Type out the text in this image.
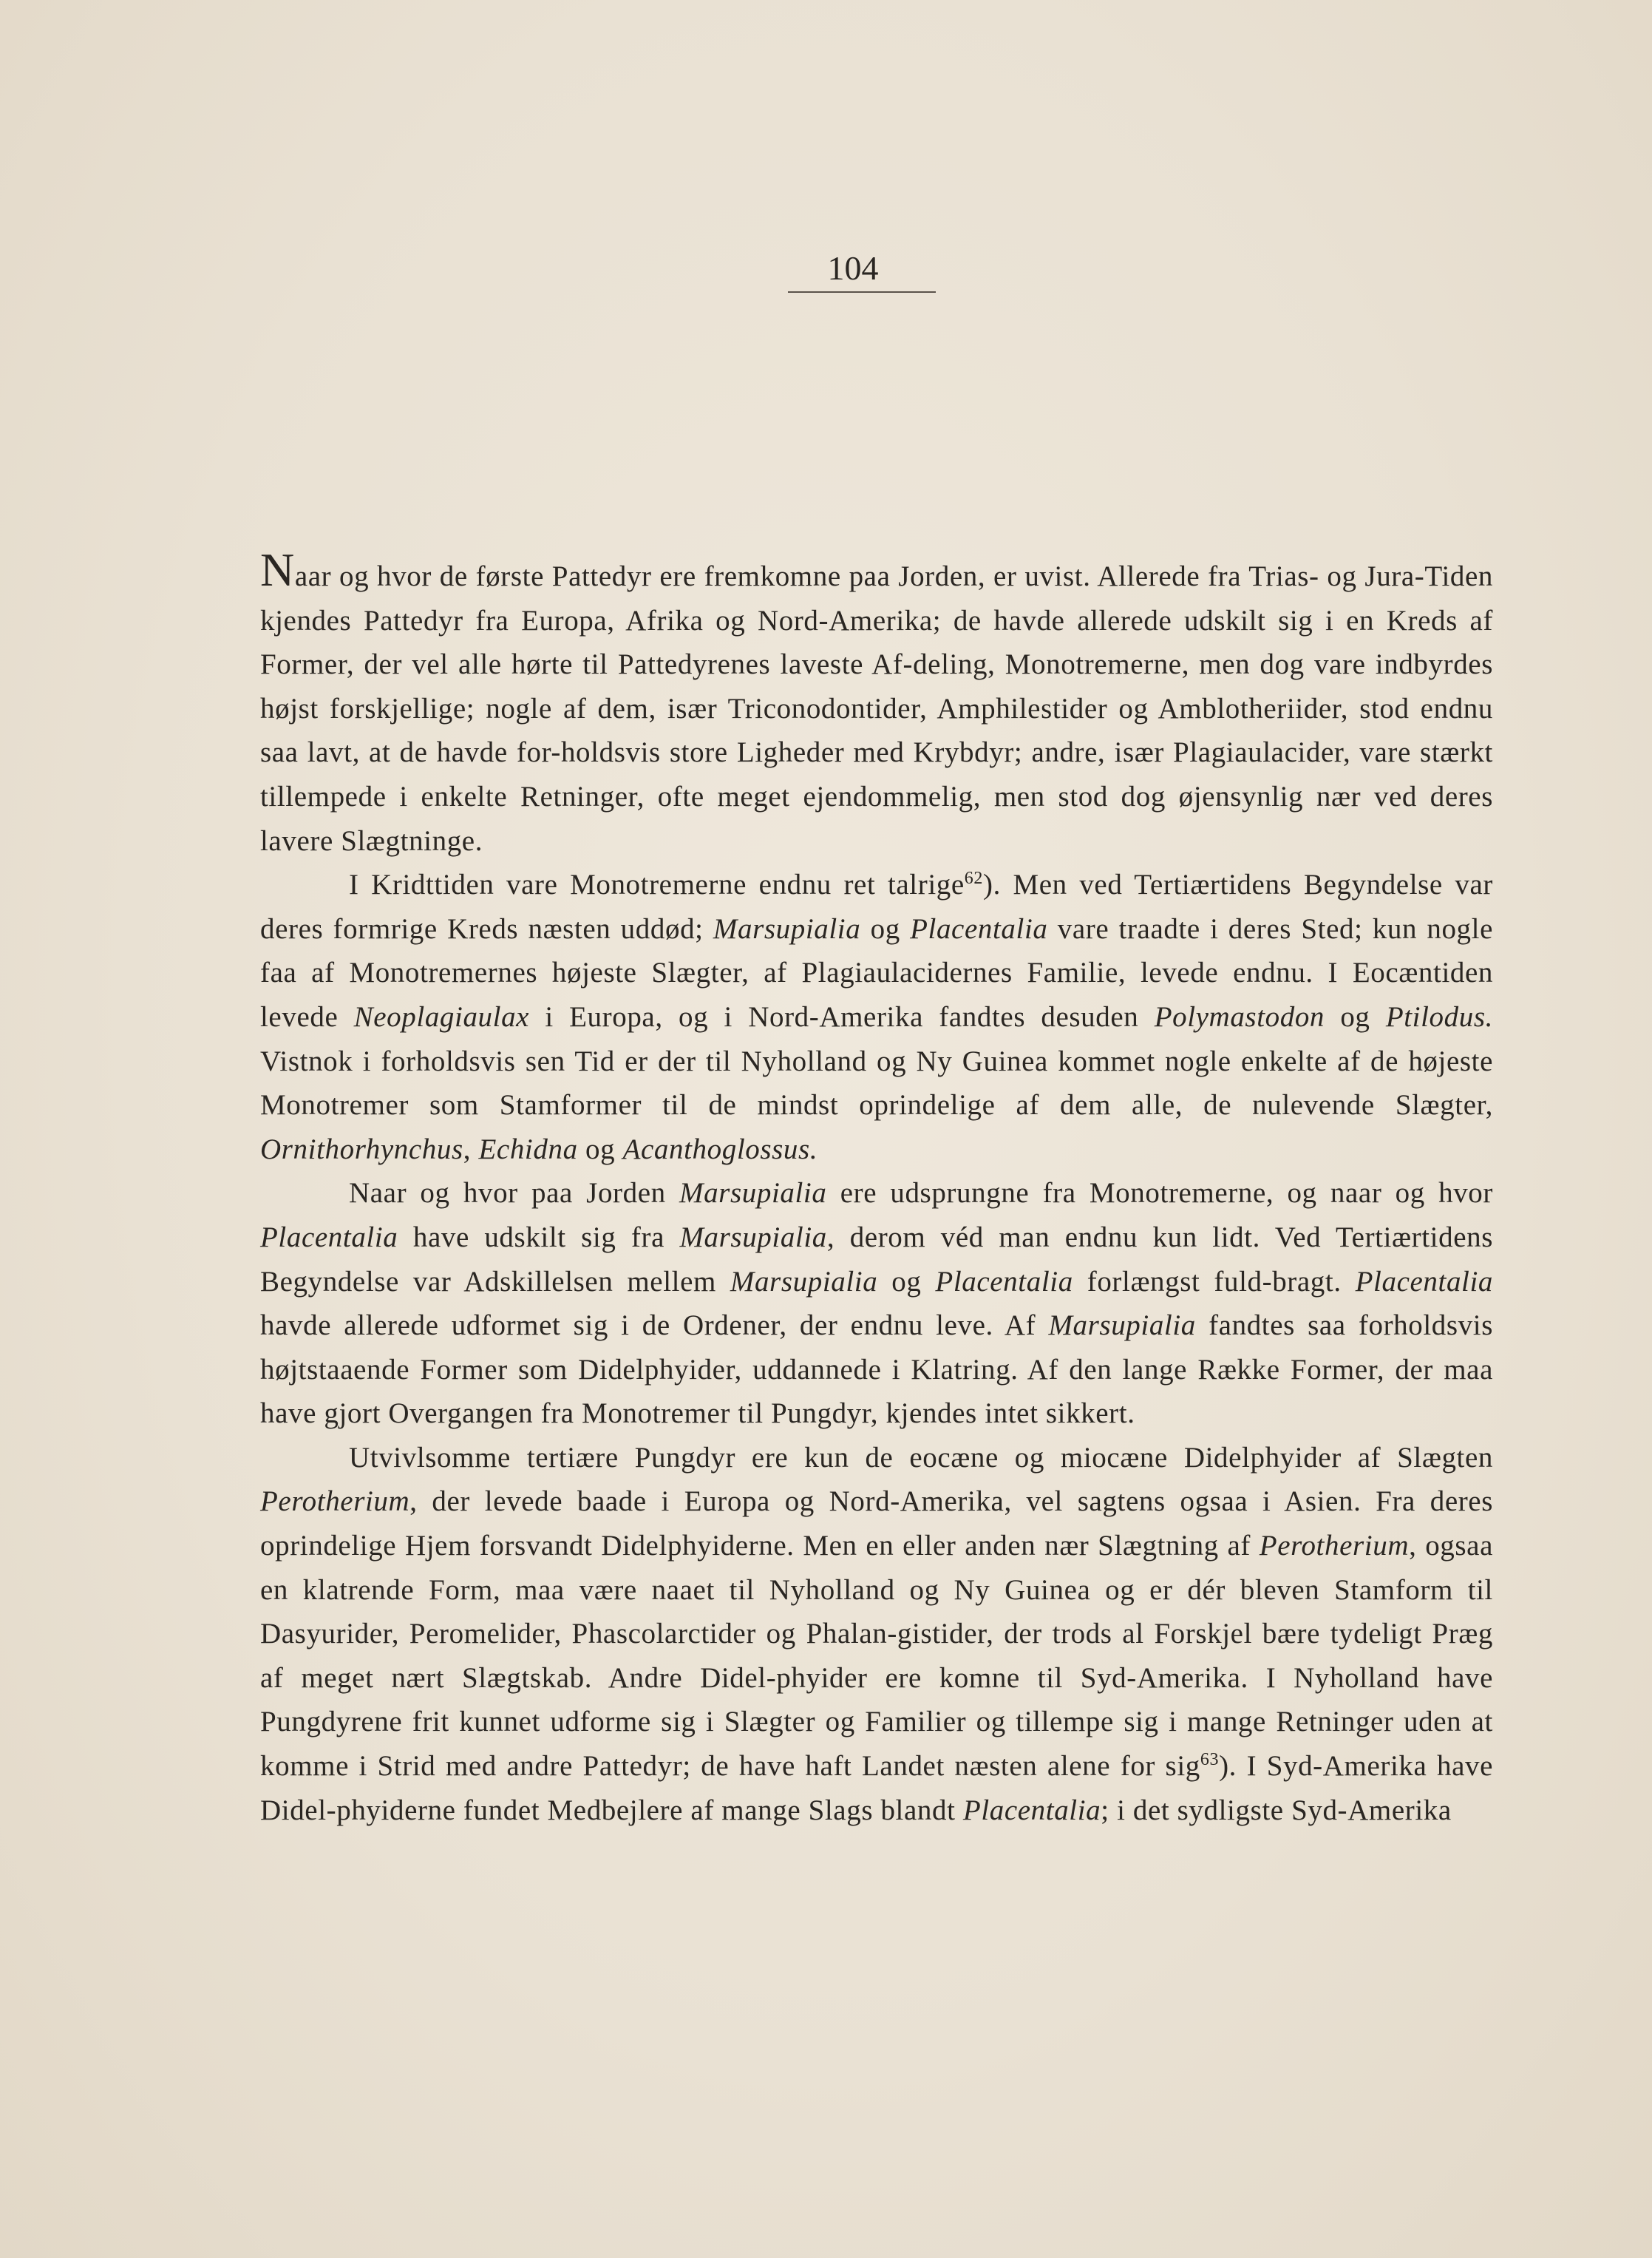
104

Naar og hvor de første Pattedyr ere fremkomne paa Jorden, er uvist. Allerede fra Trias- og Jura-Tiden kjendes Pattedyr fra Europa, Afrika og Nord-Amerika; de havde allerede udskilt sig i en Kreds af Former, der vel alle hørte til Pattedyrenes laveste Af-deling, Monotremerne, men dog vare indbyrdes højst forskjellige; nogle af dem, især Triconodontider, Amphilestider og Amblotheriider, stod endnu saa lavt, at de havde for-holdsvis store Ligheder med Krybdyr; andre, især Plagiaulacider, vare stærkt tillempede i enkelte Retninger, ofte meget ejendommelig, men stod dog øjensynlig nær ved deres lavere Slægtninge.

I Kridttiden vare Monotremerne endnu ret talrige$^{62}$). Men ved Tertiærtidens Begyndelse var deres formrige Kreds næsten uddød; Marsupialia og Placentalia vare traadte i deres Sted; kun nogle faa af Monotremernes højeste Slægter, af Plagiaulacidernes Familie, levede endnu. I Eocæntiden levede Neoplagiaulax i Europa, og i Nord-Amerika fandtes desuden Polymastodon og Ptilodus. Vistnok i forholdsvis sen Tid er der til Nyholland og Ny Guinea kommet nogle enkelte af de højeste Monotremer som Stamformer til de mindst oprindelige af dem alle, de nulevende Slægter, Ornithorhynchus, Echidna og Acanthoglossus.

Naar og hvor paa Jorden Marsupialia ere udsprungne fra Monotremerne, og naar og hvor Placentalia have udskilt sig fra Marsupialia, derom véd man endnu kun lidt. Ved Tertiærtidens Begyndelse var Adskillelsen mellem Marsupialia og Placentalia forlængst fuld-bragt. Placentalia havde allerede udformet sig i de Ordener, der endnu leve. Af Marsupialia fandtes saa forholdsvis højtstaaende Former som Didelphyider, uddannede i Klatring. Af den lange Række Former, der maa have gjort Overgangen fra Monotremer til Pungdyr, kjendes intet sikkert.

Utvivlsomme tertiære Pungdyr ere kun de eocæne og miocæne Didelphyider af Slægten Perotherium, der levede baade i Europa og Nord-Amerika, vel sagtens ogsaa i Asien. Fra deres oprindelige Hjem forsvandt Didelphyiderne. Men en eller anden nær Slægtning af Perotherium, ogsaa en klatrende Form, maa være naaet til Nyholland og Ny Guinea og er dér bleven Stamform til Dasyurider, Peromelider, Phascolarctider og Phalan-gistider, der trods al Forskjel bære tydeligt Præg af meget nært Slægtskab. Andre Didel-phyider ere komne til Syd-Amerika. I Nyholland have Pungdyrene frit kunnet udforme sig i Slægter og Familier og tillempe sig i mange Retninger uden at komme i Strid med andre Pattedyr; de have haft Landet næsten alene for sig$^{63}$). I Syd-Amerika have Didel-phyiderne fundet Medbejlere af mange Slags blandt Placentalia; i det sydligste Syd-Amerika
